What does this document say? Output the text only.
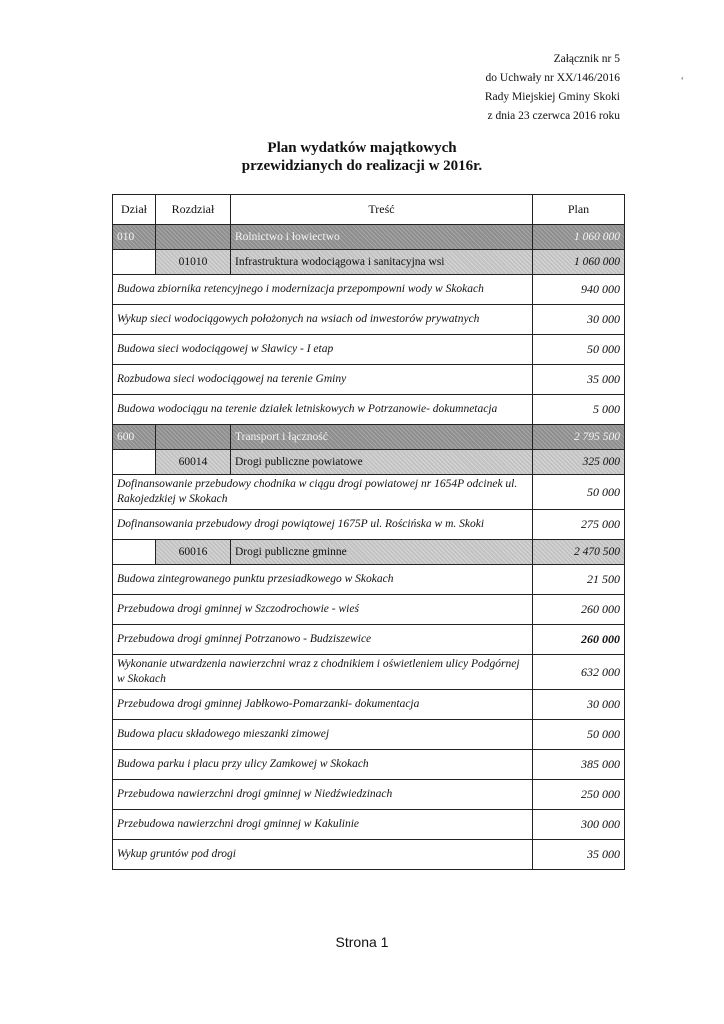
Załącznik nr 5
do Uchwały nr XX/146/2016
Rady Miejskiej Gminy Skoki
z dnia 23 czerwca 2016 roku
‘
Plan wydatków majątkowych
przewidzianych do realizacji w 2016r.
Dział	Rozdział	Treść	Plan
010		Rolnictwo i łowiectwo	1 060 000
	01010	Infrastruktura wodociągowa i sanitacyjna wsi	1 060 000
Budowa zbiornika retencyjnego i modernizacja przepompowni wody w Skokach			940 000
Wykup sieci wodociągowych położonych na wsiach od inwestorów prywatnych			30 000
Budowa sieci wodociągowej w Sławicy - I etap			50 000
Rozbudowa sieci wodociągowej na terenie Gminy			35 000
Budowa wodociągu na terenie działek letniskowych w Potrzanowie- dokumnetacja			5 000
600		Transport i łączność	2 795 500
	60014	Drogi publiczne powiatowe	325 000
Dofinansowanie przebudowy chodnika w ciągu drogi powiatowej nr 1654P odcinek ul. Rakojedzkiej w Skokach			50 000
Dofinansowania przebudowy drogi powiątowej 1675P ul. Rościńska w m. Skoki			275 000
	60016	Drogi publiczne gminne	2 470 500
Budowa zintegrowanego punktu przesiadkowego w Skokach			21 500
Przebudowa drogi gminnej w Szczodrochowie - wieś			260 000
Przebudowa drogi gminnej Potrzanowo - Budziszewice			260 000
Wykonanie utwardzenia nawierzchni wraz z chodnikiem i oświetleniem ulicy Podgórnej w Skokach			632 000
Przebudowa drogi gminnej Jabłkowo-Pomarzanki- dokumentacja			30 000
Budowa placu składowego mieszanki zimowej			50 000
Budowa parku i placu przy ulicy Zamkowej w Skokach			385 000
Przebudowa nawierzchni drogi gminnej w Niedźwiedzinach			250 000
Przebudowa nawierzchni drogi gminnej w Kakulinie			300 000
Wykup gruntów pod drogi			35 000
Strona 1
